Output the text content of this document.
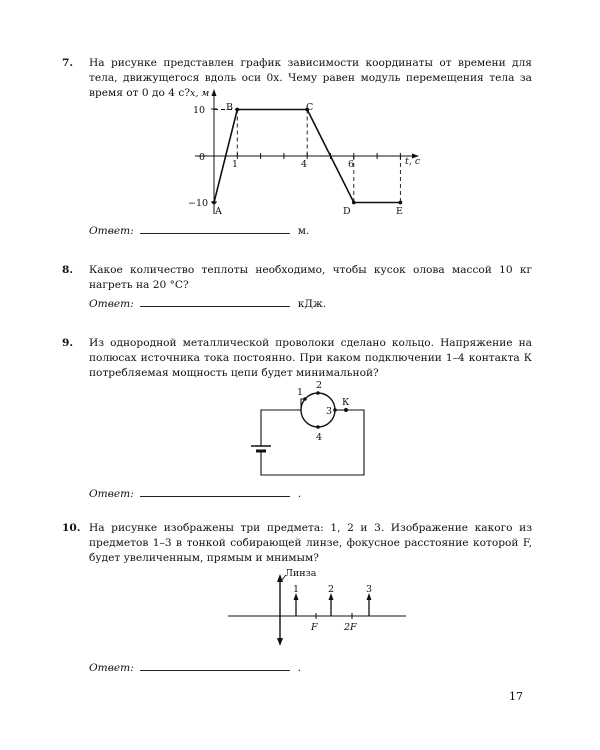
7. На рисунке представлен график зависимости координаты от времени для тела, движущегося вдоль оси 0x. Чему равен модуль перемещения тела за время от 0 до 4 с? x, м
t, с
10
0
−10
1	4	6
A
B	C
D	E
Ответ:	м.
8. Какое количество теплоты необходимо, чтобы кусок олова массой 10 кг нагреть на 20 °С?
Ответ:	кДж.
9. Из однородной металлической проволоки сделано кольцо. Напряжение на полюсах источника тока постоянно. При каком подключении 1–4 контакта К потребляемая мощность цепи будет минимальной?
1
2
3
4
К
Ответ:	.
10. На рисунке изображены три предмета: 1, 2 и 3. Изображение какого из предметов 1–3 в тонкой собирающей линзе, фокусное расстояние которой F, будет увеличенным, прямым и мнимым?
Линза
F	2F
1	2	3
Ответ:	.
17
